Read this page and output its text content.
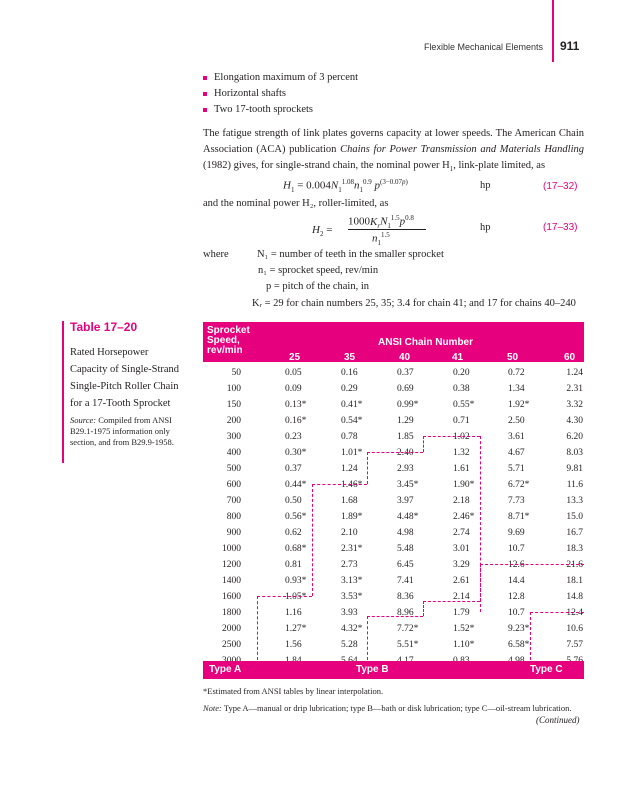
Flexible Mechanical Elements 911
Elongation maximum of 3 percent
Horizontal shafts
Two 17-tooth sprockets

The fatigue strength of link plates governs capacity at lower speeds. The American Chain Association (ACA) publication Chains for Power Transmission and Materials Handling (1982) gives, for single-strand chain, the nominal power $H_1$, link-plate limited, as

$H_1 = 0.004N_1^{1.08}n_1^{0.9}$ $p^{(3-0.07p)}$	hp	(17–32)
and the nominal power H₂, roller-limited, as
$H_2$ =
$1000K_rN_1^{1.5}p^{0.8}$
$n_1^{1.5}$
hp	(17–33)
where	N₁ = number of teeth in the smaller sprocket
n₁ = sprocket speed, rev/min
p = pitch of the chain, in
Kᵣ = 29 for chain numbers 25, 35; 3.4 for chain 41; and 17 for chains 40–240
Table 17–20
Rated Horsepower Capacity of Single-Strand Single-Pitch Roller Chain for a 17-Tooth Sprocket
Source: Compiled from ANSI B29.1-1975 information only section, and from B29.9-1958.
Sprocket
Speed,
rev/min
ANSI Chain Number
25	35	40	41	50	60
50	0.05	0.16	0.37	0.20	0.72	1.24
100	0.09	0.29	0.69	0.38	1.34	2.31
150	0.13*	0.41*	0.99*	0.55*	1.92*	3.32
200	0.16*	0.54*	1.29	0.71	2.50	4.30
300	0.23	0.78	1.85	1.02	3.61	6.20
400	0.30*	1.01*	2.40	1.32	4.67	8.03
500	0.37	1.24	2.93	1.61	5.71	9.81
600	0.44*	1.46*	3.45*	1.90*	6.72*	11.6
700	0.50	1.68	3.97	2.18	7.73	13.3
800	0.56*	1.89*	4.48*	2.46*	8.71*	15.0
900	0.62	2.10	4.98	2.74	9.69	16.7
1000	0.68*	2.31*	5.48	3.01	10.7	18.3
1200	0.81	2.73	6.45	3.29	12.6	21.6
1400	0.93*	3.13*	7.41	2.61	14.4	18.1
1600	1.05*	3.53*	8.36	2.14	12.8	14.8
1800	1.16	3.93	8.96	1.79	10.7	12.4
2000	1.27*	4.32*	7.72*	1.52*	9.23*	10.6
2500	1.56	5.28	5.51*	1.10*	6.58*	7.57
Type A	Type B	Type C
*Estimated from ANSI tables by linear interpolation.
Note: Type A—manual or drip lubrication; type B—bath or disk lubrication; type C—oil-stream lubrication.
(Continued)
